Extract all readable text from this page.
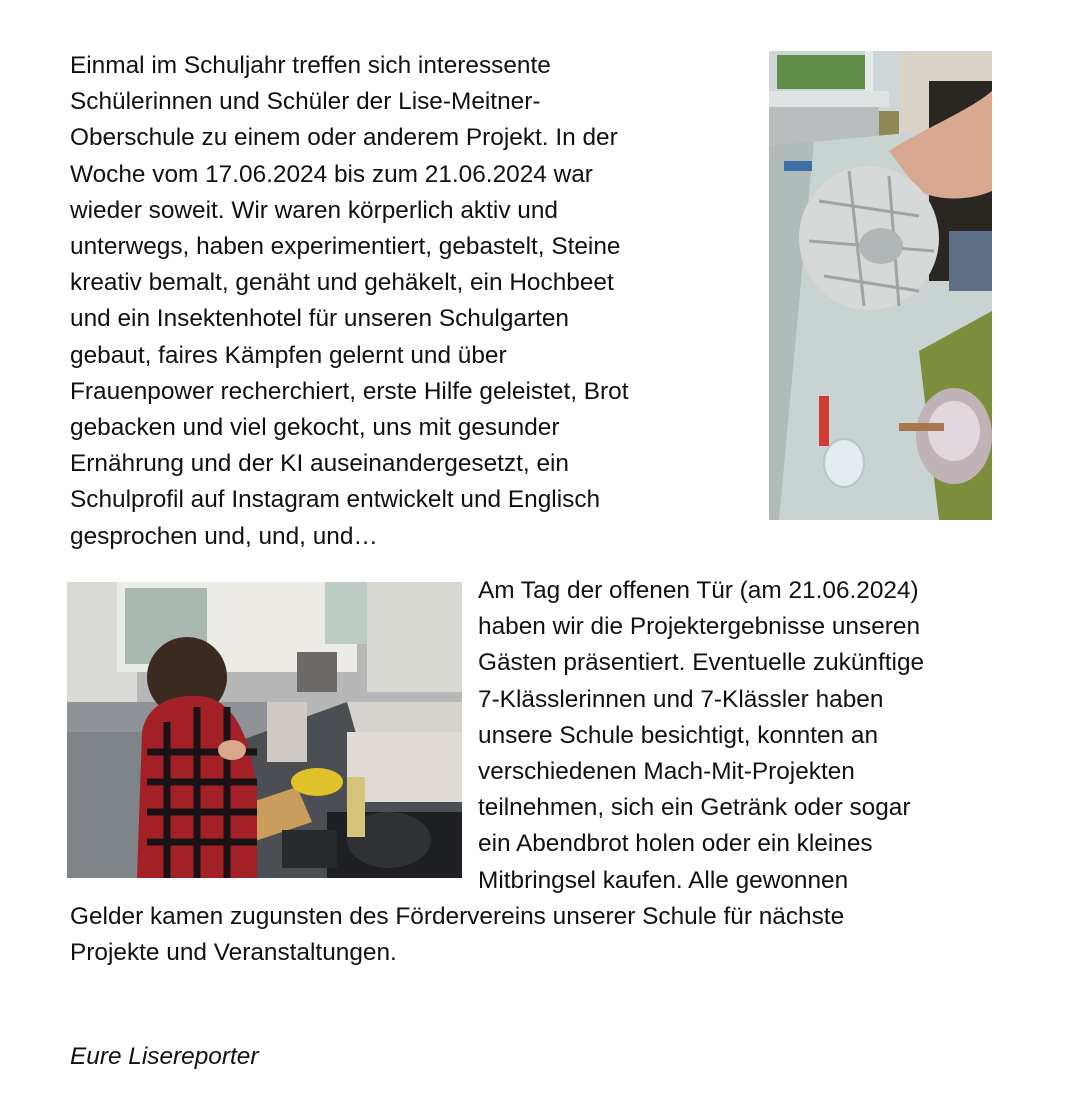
Einmal im Schuljahr treffen sich interessente
Schülerinnen und Schüler der Lise-Meitner-
Oberschule zu einem oder anderem Projekt. In der
Woche vom 17.06.2024 bis zum 21.06.2024 war
wieder soweit. Wir waren körperlich aktiv und
unterwegs, haben experimentiert, gebastelt, Steine
kreativ bemalt, genäht und gehäkelt, ein Hochbeet
und ein Insektenhotel für unseren Schulgarten
gebaut, faires Kämpfen gelernt und über
Frauenpower recherchiert, erste Hilfe geleistet, Brot
gebacken und viel gekocht, uns mit gesunder
Ernährung und der KI auseinandergesetzt, ein
Schulprofil auf Instagram entwickelt und Englisch
gesprochen und, und, und…

Am Tag der offenen Tür (am 21.06.2024)
haben wir die Projektergebnisse unseren
Gästen präsentiert. Eventuelle zukünftige
7-Klässlerinnen und 7-Klässler haben
unsere Schule besichtigt, konnten an
verschiedenen Mach-Mit-Projekten
teilnehmen, sich ein Getränk oder sogar
ein Abendbrot holen oder ein kleines
Mitbringsel kaufen. Alle gewonnen
Gelder kamen zugunsten des Fördervereins unserer Schule für nächste
Projekte und Veranstaltungen.

Eure Lisereporter
